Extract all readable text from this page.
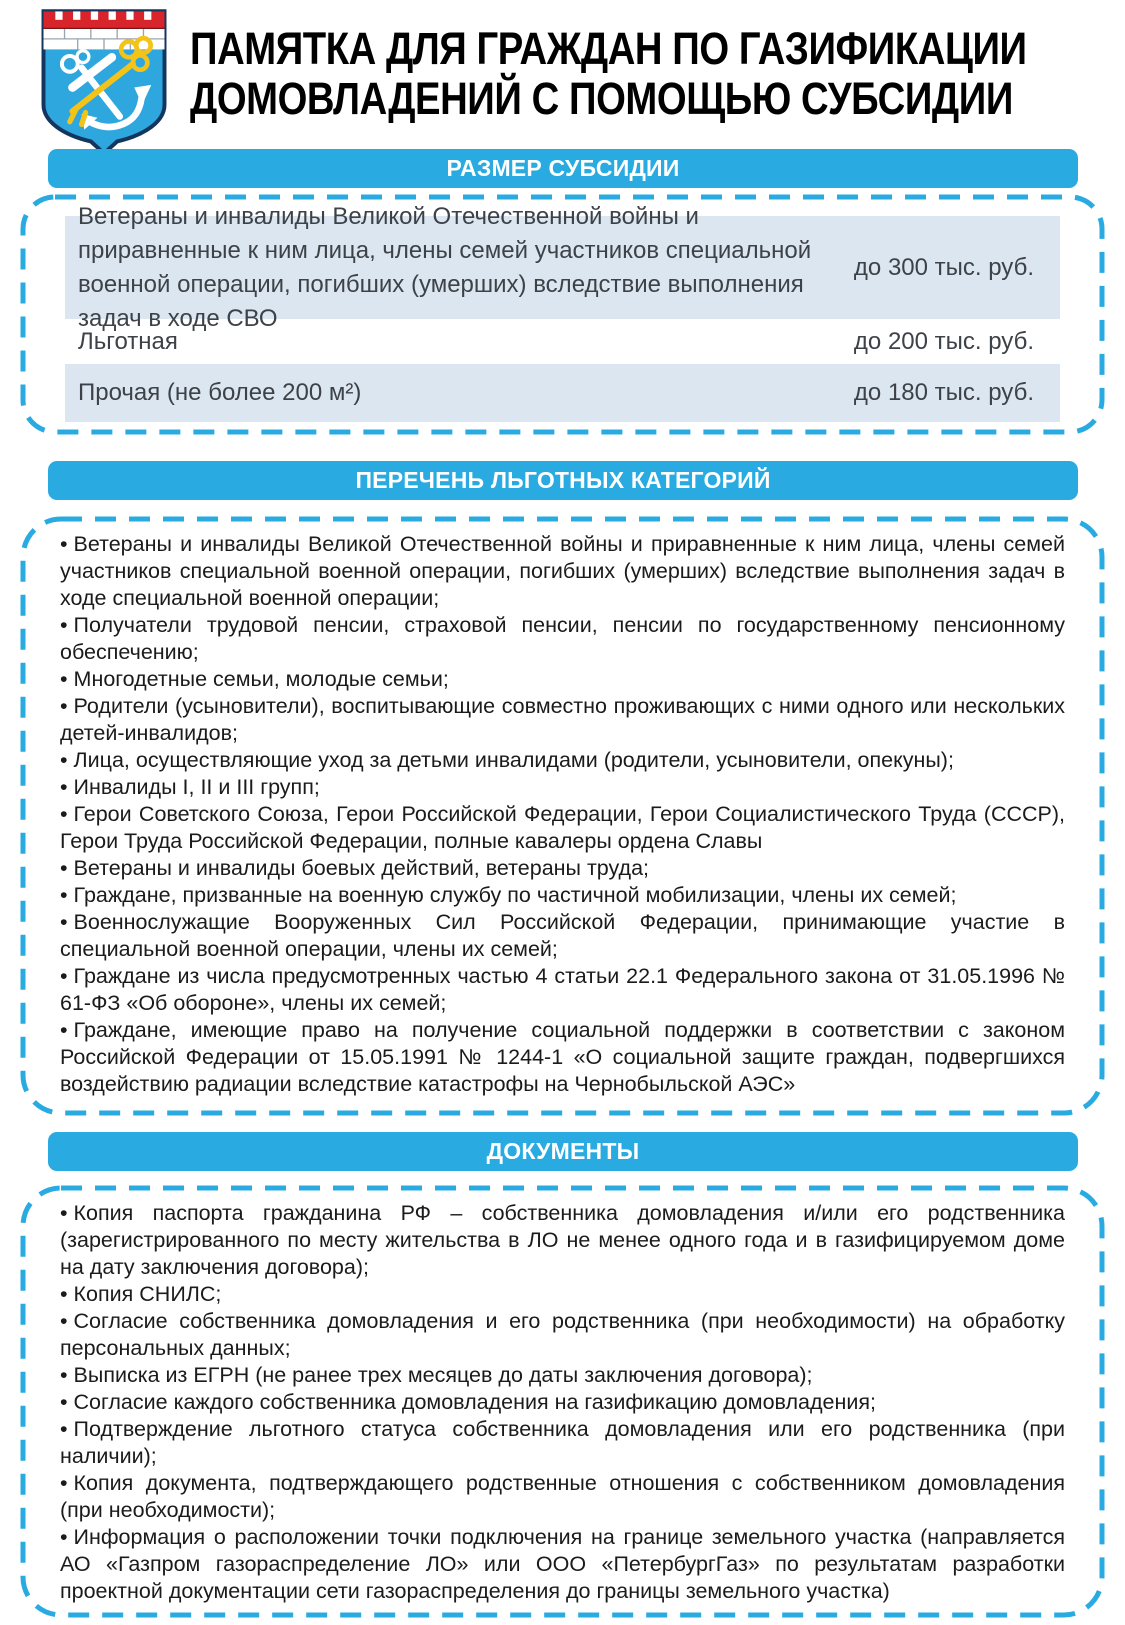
ПАМЯТКА ДЛЯ ГРАЖДАН ПО ГАЗИФИКАЦИИ
ДОМОВЛАДЕНИЙ С ПОМОЩЬЮ СУБСИДИИ
РАЗМЕР СУБСИДИИ
Ветераны и инвалиды Великой Отечественной войны и приравненные к ним лица, члены семей участников специальной военной операции, погибших (умерших) вследствие выполнения задач в ходе СВО
до 300 тыс. руб.
Льготная	до 200 тыс. руб.
Прочая (не более 200 м²)	до 180 тыс. руб.
ПЕРЕЧЕНЬ ЛЬГОТНЫХ КАТЕГОРИЙ
• Ветераны и инвалиды Великой Отечественной войны и приравненные к ним лица, члены семей участников специальной военной операции, погибших (умерших) вследствие выполнения задач в ходе специальной военной операции;
• Получатели трудовой пенсии, страховой пенсии, пенсии по государственному пенсионному обеспечению;
• Многодетные семьи, молодые семьи;
• Родители (усыновители), воспитывающие совместно проживающих с ними одного или нескольких детей-инвалидов;
• Лица, осуществляющие уход за детьми инвалидами (родители, усыновители, опекуны);
• Инвалиды I, II и III групп;
• Герои Советского Союза, Герои Российской Федерации, Герои Социалистического Труда (СССР), Герои Труда Российской Федерации, полные кавалеры ордена Славы
• Ветераны и инвалиды боевых действий, ветераны труда;
• Граждане, призванные на военную службу по частичной мобилизации, члены их семей;
• Военнослужащие Вооруженных Сил Российской Федерации, принимающие участие в специальной военной операции, члены их семей;
• Граждане из числа предусмотренных частью 4 статьи 22.1 Федерального закона от 31.05.1996 № 61-ФЗ «Об обороне», члены их семей;
• Граждане, имеющие право на получение социальной поддержки в соответствии с законом Российской Федерации от 15.05.1991 № 1244-1 «О социальной защите граждан, подвергшихся воздействию радиации вследствие катастрофы на Чернобыльской АЭС»
ДОКУМЕНТЫ
• Копия паспорта гражданина РФ – собственника домовладения и/или его родственника (зарегистрированного по месту жительства в ЛО не менее одного года и в газифицируемом доме на дату заключения договора);
• Копия СНИЛС;
• Согласие собственника домовладения и его родственника (при необходимости) на обработку персональных данных;
• Выписка из ЕГРН (не ранее трех месяцев до даты заключения договора);
• Согласие каждого собственника домовладения на газификацию домовладения;
• Подтверждение льготного статуса собственника домовладения или его родственника (при наличии);
• Копия документа, подтверждающего родственные отношения с собственником домовладения (при необходимости);
• Информация о расположении точки подключения на границе земельного участка (направляется АО «Газпром газораспределение ЛО» или ООО «ПетербургГаз» по результатам разработки проектной документации сети газораспределения до границы земельного участка)
